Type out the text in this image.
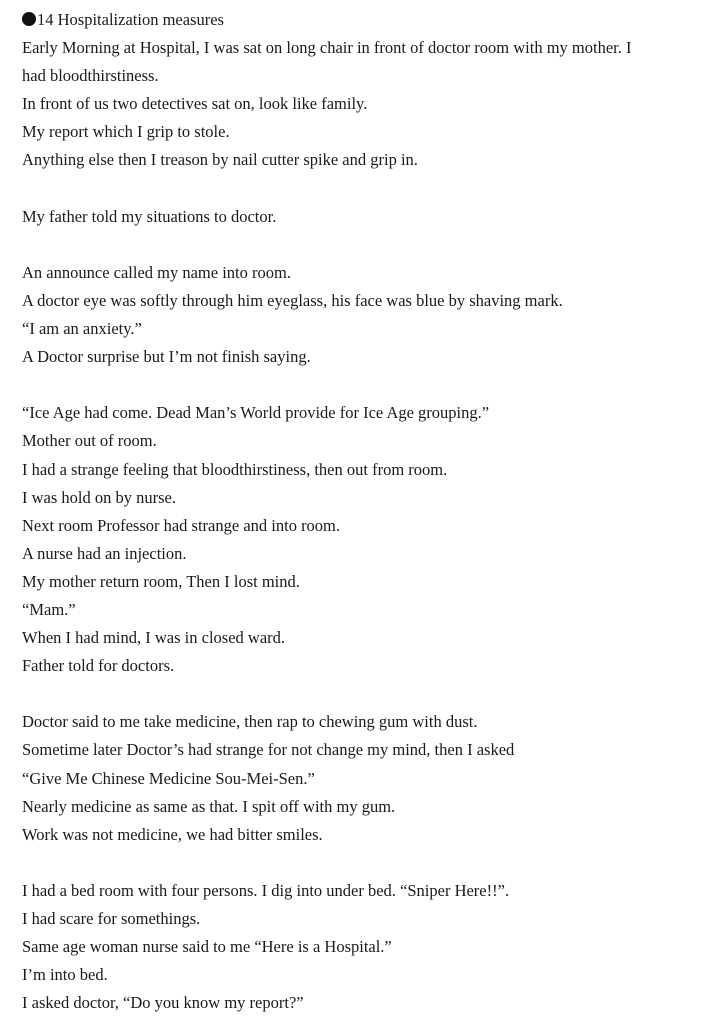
14 Hospitalization measures
Early Morning at Hospital, I was sat on long chair in front of doctor room with my mother. I
had bloodthirstiness.
In front of us two detectives sat on, look like family.
My report which I grip to stole.
Anything else then I treason by nail cutter spike and grip in.
My father told my situations to doctor.
An announce called my name into room.
A doctor eye was softly through him eyeglass, his face was blue by shaving mark.
“I am an anxiety.”
A Doctor surprise but I’m not finish saying.
“Ice Age had come. Dead Man’s World provide for Ice Age grouping.”
Mother out of room.
I had a strange feeling that bloodthirstiness, then out from room.
I was hold on by nurse.
Next room Professor had strange and into room.
A nurse had an injection.
My mother return room, Then I lost mind.
“Mam.”
When I had mind, I was in closed ward.
Father told for doctors.
Doctor said to me take medicine, then rap to chewing gum with dust.
Sometime later Doctor’s had strange for not change my mind, then I asked
“Give Me Chinese Medicine Sou-Mei-Sen.”
Nearly medicine as same as that. I spit off with my gum.
Work was not medicine, we had bitter smiles.
I had a bed room with four persons. I dig into under bed. “Sniper Here!!”.
I had scare for somethings.
Same age woman nurse said to me “Here is a Hospital.”
I’m into bed.
I asked doctor, “Do you know my report?”
